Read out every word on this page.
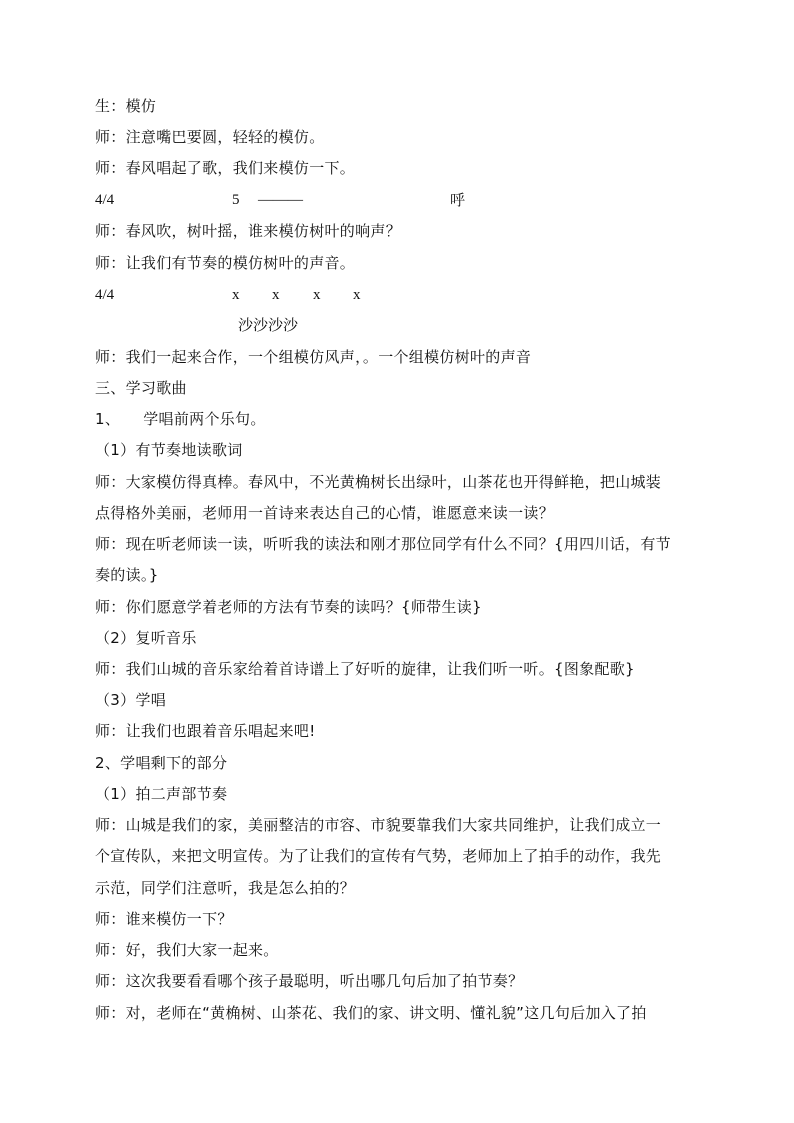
生：模仿
师：注意嘴巴要圆，轻轻的模仿。
师：春风唱起了歌，我们来模仿一下。
4/4	5 ———	呼
师：春风吹，树叶摇，谁来模仿树叶的响声？
师：让我们有节奏的模仿树叶的声音。
4/4	x x x x
沙沙沙沙
师：我们一起来合作，一个组模仿风声，。一个组模仿树叶的声音
三、学习歌曲
1、　　学唱前两个乐句。
（1）有节奏地读歌词
师：大家模仿得真棒。春风中，不光黄桷树长出绿叶，山茶花也开得鲜艳，把山城装
点得格外美丽，老师用一首诗来表达自己的心情，谁愿意来读一读？
师：现在听老师读一读，听听我的读法和刚才那位同学有什么不同？{用四川话，有节
奏的读。}
师：你们愿意学着老师的方法有节奏的读吗？{师带生读}
（2）复听音乐
师：我们山城的音乐家给着首诗谱上了好听的旋律，让我们听一听。{图象配歌}
（3）学唱
师：让我们也跟着音乐唱起来吧!
2、学唱剩下的部分
（1）拍二声部节奏
师：山城是我们的家，美丽整洁的市容、市貌要靠我们大家共同维护，让我们成立一
个宣传队，来把文明宣传。为了让我们的宣传有气势，老师加上了拍手的动作，我先
示范，同学们注意听，我是怎么拍的？
师：谁来模仿一下？
师：好，我们大家一起来。
师：这次我要看看哪个孩子最聪明，听出哪几句后加了拍节奏？
师：对，老师在“黄桷树、山茶花、我们的家、讲文明、懂礼貌”这几句后加入了拍
